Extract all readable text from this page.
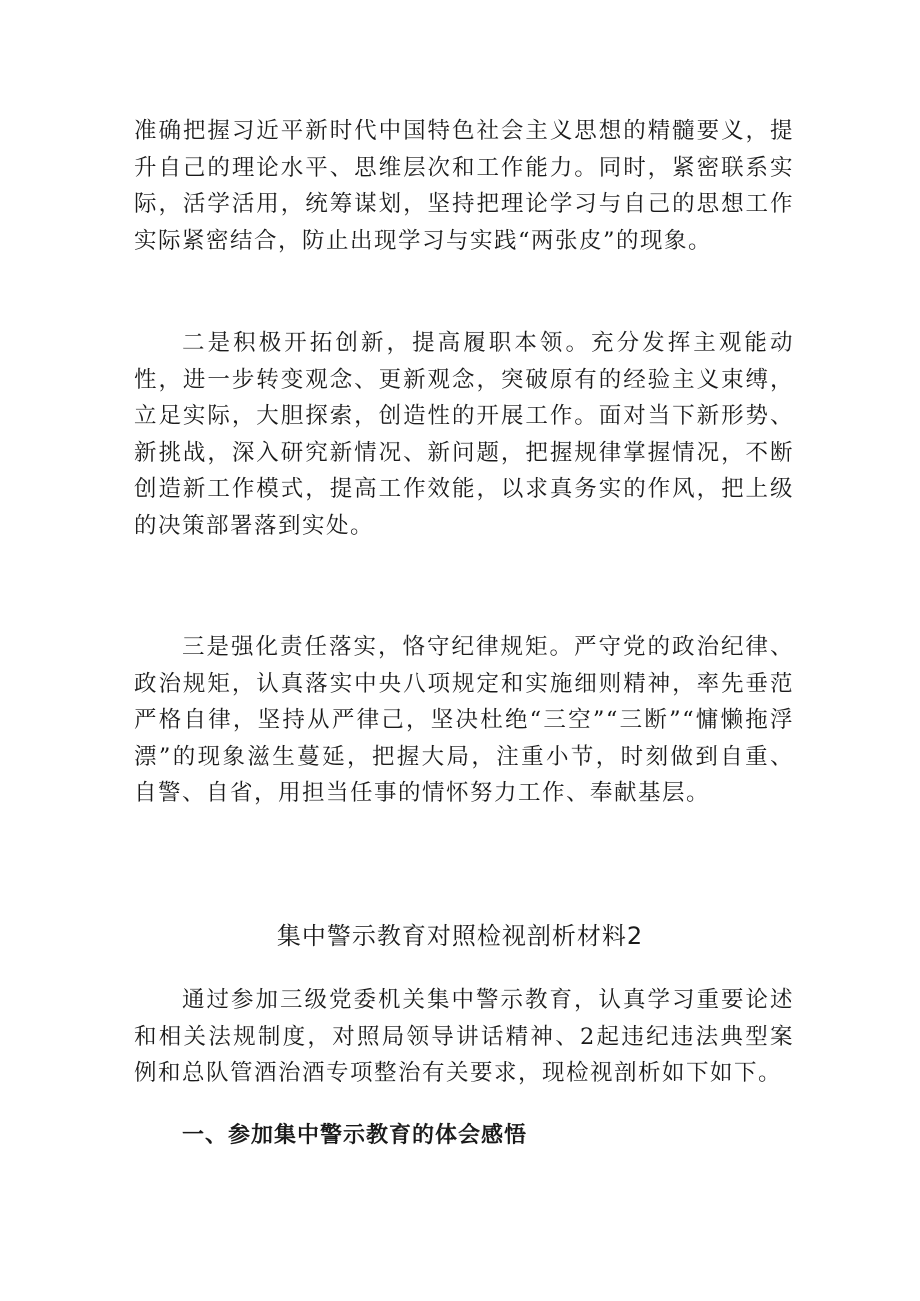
准确把握习近平新时代中国特色社会主义思想的精髓要义，提升自己的理论水平、思维层次和工作能力。同时，紧密联系实际，活学活用，统筹谋划，坚持把理论学习与自己的思想工作实际紧密结合，防止出现学习与实践“两张皮”的现象。

二是积极开拓创新，提高履职本领。充分发挥主观能动性，进一步转变观念、更新观念，突破原有的经验主义束缚，立足实际，大胆探索，创造性的开展工作。面对当下新形势、新挑战，深入研究新情况、新问题，把握规律掌握情况，不断创造新工作模式，提高工作效能，以求真务实的作风，把上级的决策部署落到实处。

三是强化责任落实，恪守纪律规矩。严守党的政治纪律、政治规矩，认真落实中央八项规定和实施细则精神，率先垂范严格自律，坚持从严律己，坚决杜绝“三空”“三断”“慵懒拖浮漂”的现象滋生蔓延，把握大局，注重小节，时刻做到自重、自警、自省，用担当任事的情怀努力工作、奉献基层。

集中警示教育对照检视剖析材料2

通过参加三级党委机关集中警示教育，认真学习重要论述和相关法规制度，对照局领导讲话精神、2起违纪违法典型案例和总队管酒治酒专项整治有关要求，现检视剖析如下如下。

一、参加集中警示教育的体会感悟
